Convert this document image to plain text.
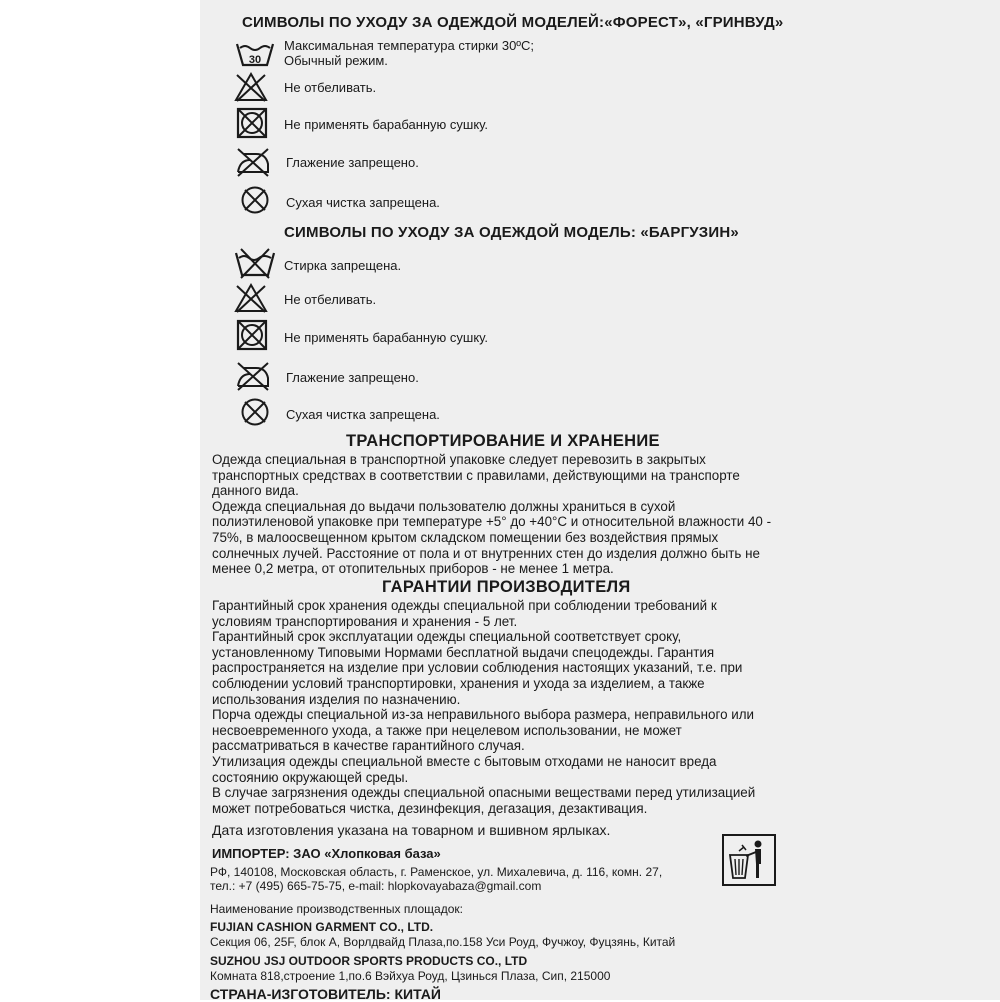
СИМВОЛЫ ПО УХОДУ ЗА ОДЕЖДОЙ МОДЕЛЕЙ:«ФОРЕСТ», «ГРИНВУД»
30
Максимальная температура стирки 30ºС;
Обычный режим.
Не отбеливать.
Не применять барабанную сушку.
Глажение запрещено.
Сухая чистка запрещена.
СИМВОЛЫ ПО УХОДУ ЗА ОДЕЖДОЙ МОДЕЛЬ: «БАРГУЗИН»
Стирка запрещена.
Не отбеливать.
Не применять барабанную сушку.
Глажение запрещено.
Сухая чистка запрещена.
ТРАНСПОРТИРОВАНИЕ И ХРАНЕНИЕ
Одежда специальная в транспортной упаковке следует перевозить в закрытых
транспортных средствах в соответствии с правилами, действующими на транспорте
данного вида.
Одежда специальная до выдачи пользователю должны храниться в сухой
полиэтиленовой упаковке при температуре +5° до +40°С и относительной влажности 40 -
75%, в малоосвещенном крытом складском помещении без воздействия прямых
солнечных лучей. Расстояние от пола и от внутренних стен до изделия должно быть не
менее 0,2 метра, от отопительных приборов - не менее 1 метра.
ГАРАНТИИ ПРОИЗВОДИТЕЛЯ
Гарантийный срок хранения одежды специальной при соблюдении требований к
условиям транспортирования и хранения - 5 лет.
Гарантийный срок эксплуатации одежды специальной соответствует сроку,
установленному Типовыми Нормами бесплатной выдачи спецодежды. Гарантия
распространяется на изделие при условии соблюдения настоящих указаний, т.е. при
соблюдении условий транспортировки, хранения и ухода за изделием, а также
использования изделия по назначению.
Порча одежды специальной из-за неправильного выбора размера, неправильного или
несвоевременного ухода, а также при нецелевом использовании, не может
рассматриваться в качестве гарантийного случая.
Утилизация одежды специальной вместе с бытовым отходами не наносит вреда
состоянию окружающей среды.
В случае загрязнения одежды специальной опасными веществами перед утилизацией
может потребоваться чистка, дезинфекция, дегазация, дезактивация.
Дата изготовления указана на товарном и вшивном ярлыках.
ИМПОРТЕР: ЗАО «Хлопковая база»
РФ, 140108, Московская область, г. Раменское, ул. Михалевича, д. 116, комн. 27,
тел.: +7 (495) 665-75-75, e-mail: hlopkovayabaza@gmail.com
Наименование производственных площадок:
FUJIAN CASHION GARMENT CO., LTD.
Секция 06, 25F, блок А, Ворлдвайд Плаза,по.158 Уси Роуд, Фучжоу, Фуцзянь, Китай
SUZHOU JSJ OUTDOOR SPORTS PRODUCTS CO., LTD
Комната 818,строение 1,по.6 Вэйхуа Роуд, Цзинься Плаза, Сип, 215000
СТРАНА-ИЗГОТОВИТЕЛЬ: КИТАЙ
